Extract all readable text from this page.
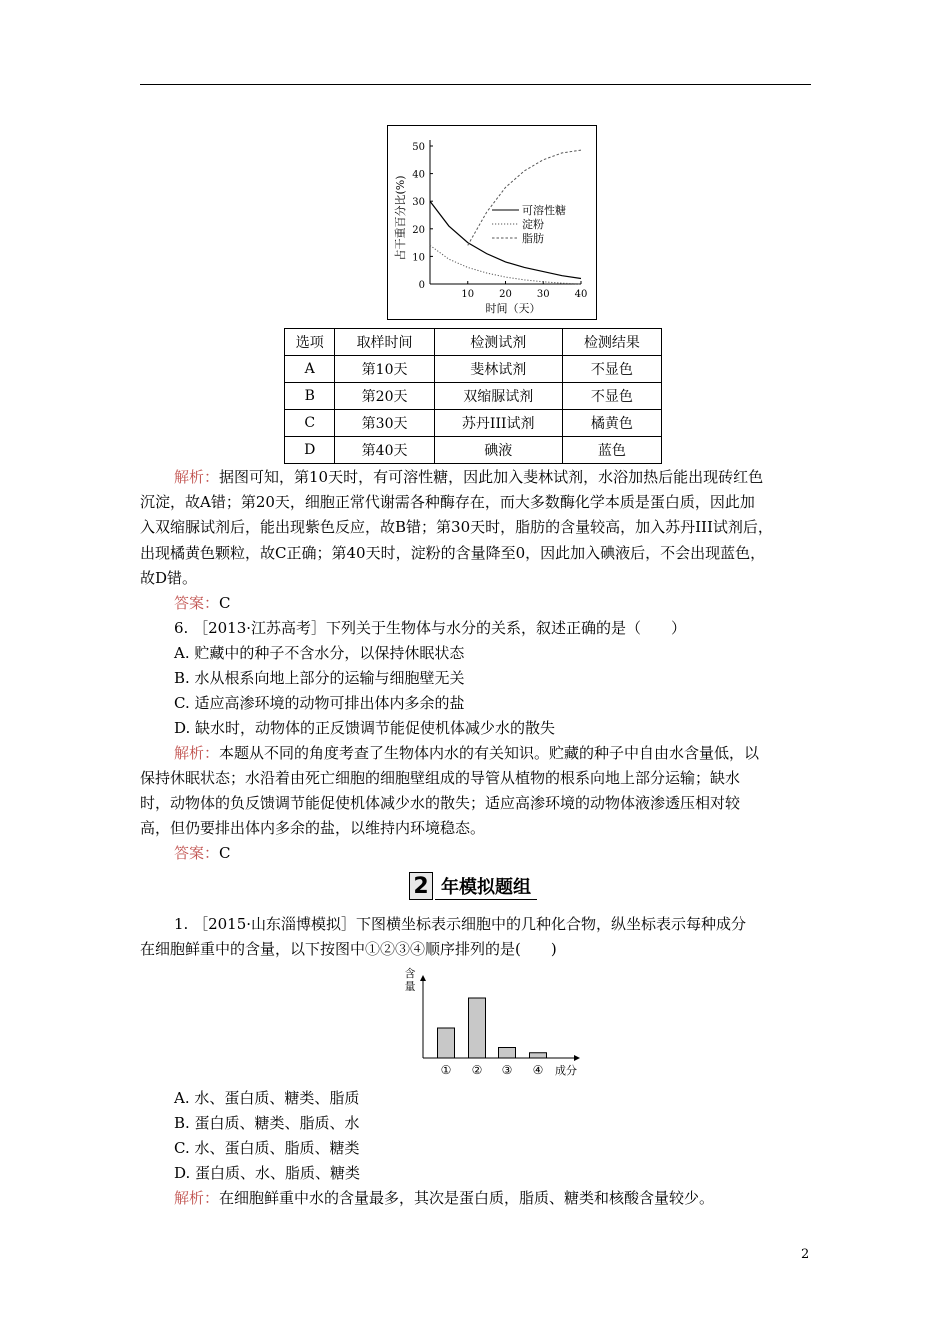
占干重百分比(%)
时间（天）
0
10
20
30
40
50
10	20	30	40
可溶性糖
淀粉
脂肪
选项	取样时间	检测试剂	检测结果
A	第10天	斐林试剂	不显色
B	第20天	双缩脲试剂	不显色
C	第30天	苏丹III试剂	橘黄色
D	第40天	碘液	蓝色
解析：据图可知，第10天时，有可溶性糖，因此加入斐林试剂，水浴加热后能出现砖红色
沉淀，故A错；第20天，细胞正常代谢需各种酶存在，而大多数酶化学本质是蛋白质，因此加
入双缩脲试剂后，能出现紫色反应，故B错；第30天时，脂肪的含量较高，加入苏丹III试剂后，
出现橘黄色颗粒，故C正确；第40天时，淀粉的含量降至0，因此加入碘液后，不会出现蓝色，
故D错。
答案：C
6. ［2013·江苏高考］下列关于生物体与水分的关系，叙述正确的是（　　）
A. 贮藏中的种子不含水分，以保持休眠状态
B. 水从根系向地上部分的运输与细胞壁无关
C. 适应高渗环境的动物可排出体内多余的盐
D. 缺水时，动物体的正反馈调节能促使机体减少水的散失
解析：本题从不同的角度考查了生物体内水的有关知识。贮藏的种子中自由水含量低，以
保持休眠状态；水沿着由死亡细胞的细胞壁组成的导管从植物的根系向地上部分运输；缺水
时，动物体的负反馈调节能促使机体减少水的散失；适应高渗环境的动物体液渗透压相对较
高，但仍要排出体内多余的盐，以维持内环境稳态。
答案：C
2 年模拟题组
1. ［2015·山东淄博模拟］下图横坐标表示细胞中的几种化合物，纵坐标表示每种成分
在细胞鲜重中的含量，以下按图中①②③④顺序排列的是(　　)
含
量
成分
① ② ③ ④
A. 水、蛋白质、糖类、脂质
B. 蛋白质、糖类、脂质、水
C. 水、蛋白质、脂质、糖类
D. 蛋白质、水、脂质、糖类
解析：在细胞鲜重中水的含量最多，其次是蛋白质，脂质、糖类和核酸含量较少。
2
